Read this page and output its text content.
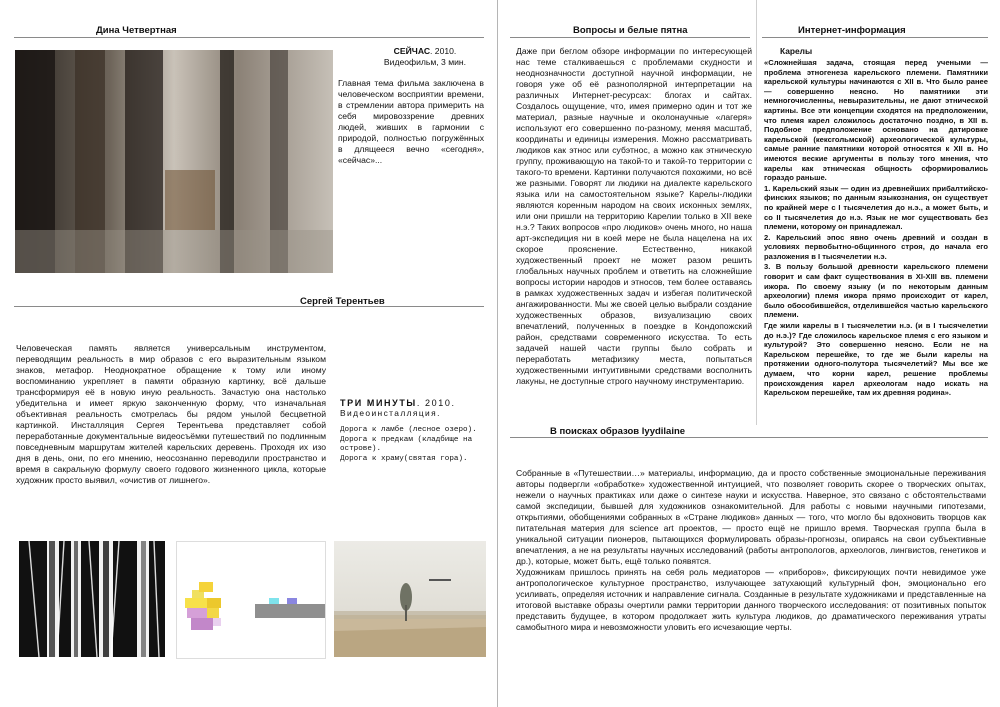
Дина Четвертная
СЕЙЧАС. 2010.
Видеофильм, 3 мин.
Главная тема фильма заключена в человеческом восприятии времени, в стремлении автора примерить на себя мировоззрение древних людей, живших в гармонии с природой, полностью погружённых в длящееся вечно «сегодня», «сейчас»...
Сергей Терентьев
Человеческая память является универсальным инструментом, переводящим реальность в мир образов с его выразительным языком знаков, метафор. Неоднократное обращение к тому или иному воспоминанию укрепляет в памяти образную картинку, всё дальше трансформируя её в новую иную реальность. Зачастую она настолько убедительна и имеет яркую законченную форму, что изначальная объективная реальность смотрелась бы рядом унылой бесцветной картинкой. Инсталляция Сергея Терентьева представляет собой переработанные документальные видеосъёмки путешествий по подлинным повседневным маршрутам жителей карельских деревень. Проходя их изо дня в день, они, по его мнению, неосознанно переводили пространство и время в сакральную формулу своего годового жизненного цикла, которые художник просто выявил, «очистив от лишнего».
ТРИ МИНУТЫ. 2010.
Видеоинсталляция.
Дорога к ламбе (лесное озеро).
Дорога к предкам (кладбище на острове).
Дорога к храму(святая гора).
Вопросы и белые пятна
Даже при беглом обзоре информации по интересующей нас теме сталкиваешься с проблемами скудности и неоднозначности доступной научной информации, не говоря уже об её разнополярной интерпретации на различных Интернет-ресурсах: блогах и сайтах. Создалось ощущение, что, имея примерно один и тот же материал, разные научные и околонаучные «лагеря» используют его совершенно по-разному, меняя масштаб, координаты и единицы измерения. Можно рассматривать людиков как этнос или субэтнос, а можно как этническую группу, проживающую на такой-то и такой-то территории с такого-то времени. Картинки получаются похожими, но всё же разными. Говорят ли людики на диалекте карельского языка или на самостоятельном языке? Карелы-людики являются коренным народом на своих исконных землях, или они пришли на территорию Карелии только в XII веке н.э.? Таких вопросов «про людиков» очень много, но наша арт-экспедиция ни в коей мере не была нацелена на их скорое прояснение. Естественно, никакой художественный проект не может разом решить глобальных научных проблем и ответить на сложнейшие вопросы истории народов и этносов, тем более оставаясь в рамках художественных задач и избегая политической ангажированности. Мы же своей целью выбрали создание художественных образов, визуализацию своих впечатлений, полученных в поездке в Кондопожский район, средствами современного искусства. То есть задачей нашей части группы было собрать и переработать метафизику места, попытаться художественными интуитивными средствами восполнить лакуны, не доступные строго научному инструментарию.
В поисках образов lyydilaine

Собранные в «Путешествии…» материалы, информацию, да и просто собственные эмоциональные переживания авторы подвергли «обработке» художественной интуицией, что позволяет говорить скорее о творческих опытах, нежели о научных практиках или даже о синтезе науки и искусства. Наверное, это связано с обстоятельствами самой экспедиции, бывшей для художников ознакомительной. Для работы с новыми научными гипотезами, открытиями, обобщениями собранных в «Стране людиков» данных — того, что могло бы вдохновить творцов как питательная материя для science art проектов, — просто ещё не пришло время. Творческая группа была в уникальной ситуации пионеров, пытающихся формулировать образы-прогнозы, опираясь на свои субъективные впечатления, а не на результаты научных исследований (работы антропологов, археологов, лингвистов, генетиков и др.), которые, может быть, ещё только появятся.

Художникам пришлось принять на себя роль медиаторов — «приборов», фиксирующих почти невидимое уже антропологическое культурное пространство, излучающее затухающий культурный фон, эмоционально его усиливать, определяя источник и направление сигнала. Созданные в результате художниками и представленные на итоговой выставке образы очертили рамки территории данного творческого исследования: от позитивных попыток представить будущее, в котором продолжает жить культура людиков, до драматического переживания утраты самобытного мира и невозможности уловить его исчезающие черты.

Интернет-информация
Карелы

«Сложнейшая задача, стоящая перед учеными — проблема этногенеза карельского племени. Памятники карельской культуры начинаются с XII в. Что было ранее — совершенно неясно. Но памятники эти немногочисленны, невыразительны, не дают этнической картины. Все эти концепции сходятся на предположении, что племя карел сложилось достаточно поздно, в XII в. Подобное предположение основано на датировке карельской (кексгольмской) археологической культуры, самые ранние памятники которой относятся к XII в. Но имеются веские аргументы в пользу того мнения, что карелы как этническая общность сформировались гораздо раньше.

1. Карельский язык — один из древнейших прибалтийско-финских языков; по данным языкознания, он существует по крайней мере с I тысячелетия до н.э., а может быть, и со II тысячелетия до н.э. Язык не мог существовать без племени, которому он принадлежал.

2. Карельский эпос явно очень древний и создан в условиях первобытно-общинного строя, до начала его разложения в I тысячелетии н.э.

3. В пользу большой древности карельского племени говорит и сам факт существования в XI-XIII вв. племени ижора. По своему языку (и по некоторым данным археологии) племя ижора прямо происходит от карел, было обособившейся, отделившейся частью карельского племени.

Где жили карелы в I тысячелетии н.э. (и в I тысячелетии до н.э.)? Где сложилось карельское племя с его языком и культурой? Это совершенно неясно. Если не на Карельском перешейке, то где же были карелы на протяжении одного-полутора тысячелетий? Мы все же думаем, что корни карел, решение проблемы происхождения карел археологам надо искать на Карельском перешейке, там их древняя родина».
